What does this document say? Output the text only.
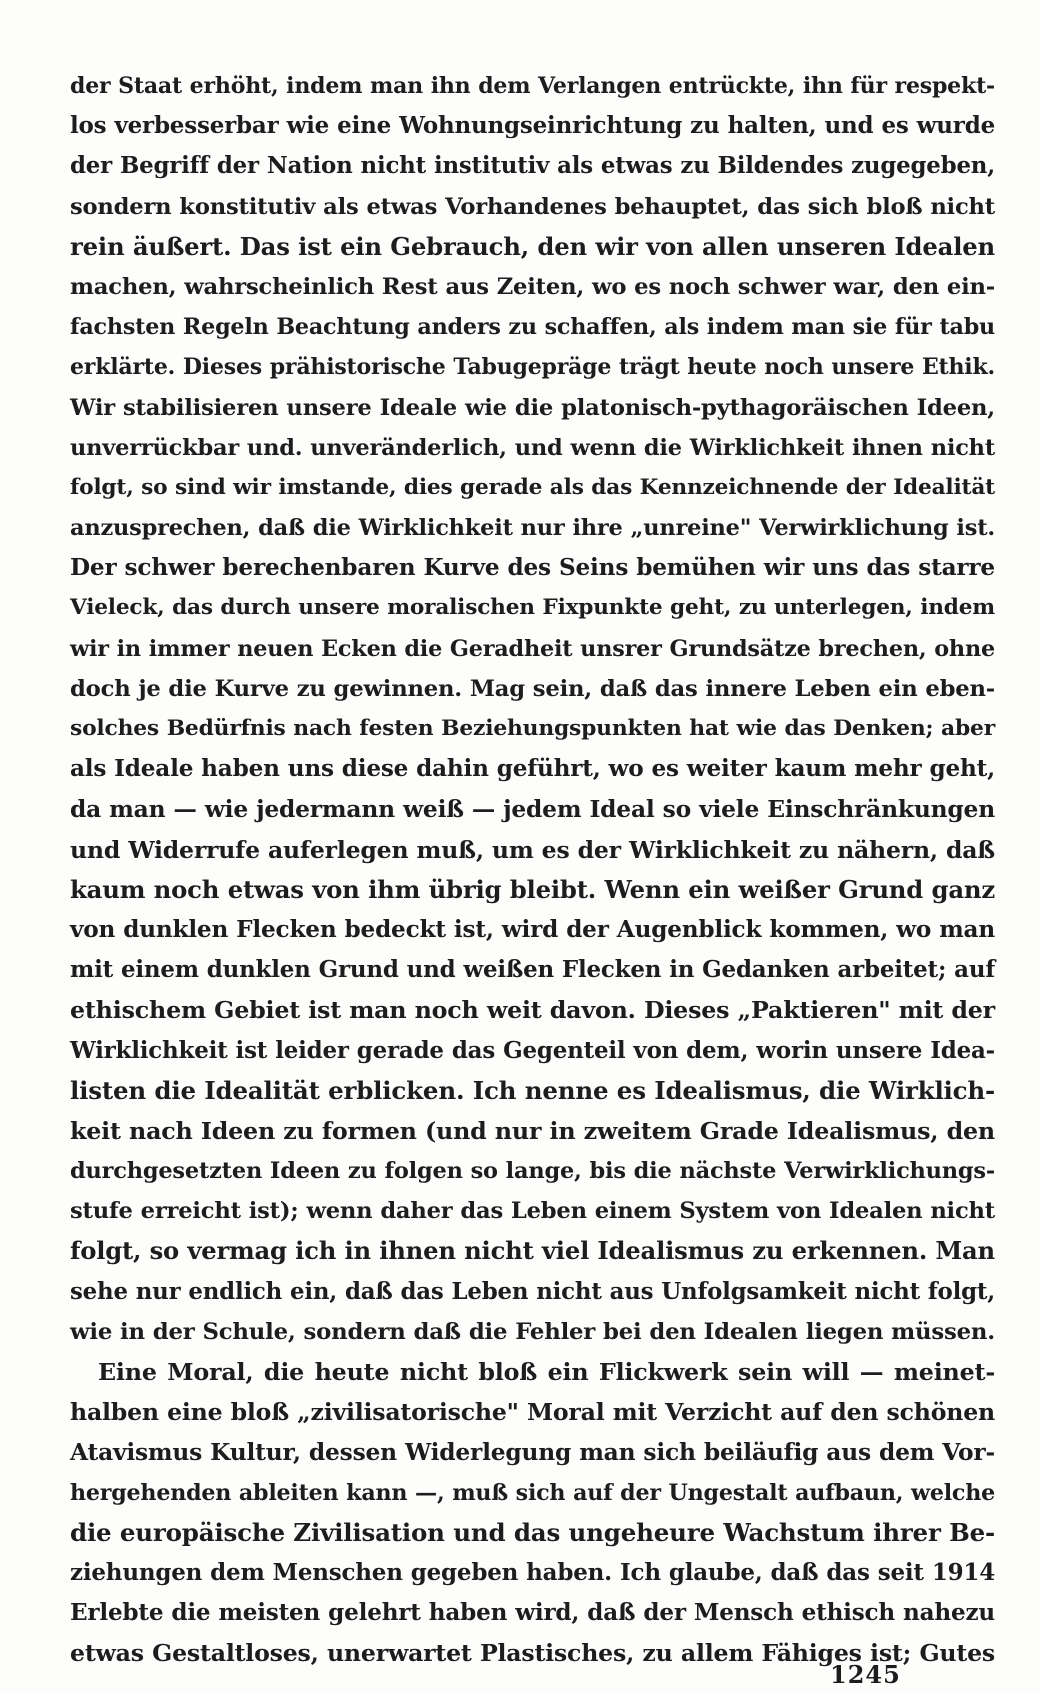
der Staat erhöht, indem man ihn dem Verlangen entrückte, ihn für respekt-
los verbesserbar wie eine Wohnungseinrichtung zu halten, und es wurde
der Begriff der Nation nicht institutiv als etwas zu Bildendes zugegeben,
sondern konstitutiv als etwas Vorhandenes behauptet, das sich bloß nicht
rein äußert. Das ist ein Gebrauch, den wir von allen unseren Idealen
machen, wahrscheinlich Rest aus Zeiten, wo es noch schwer war, den ein-
fachsten Regeln Beachtung anders zu schaffen, als indem man sie für tabu
erklärte. Dieses prähistorische Tabugepräge trägt heute noch unsere Ethik.
Wir stabilisieren unsere Ideale wie die platonisch-pythagoräischen Ideen,
unverrückbar und. unveränderlich, und wenn die Wirklichkeit ihnen nicht
folgt, so sind wir imstande, dies gerade als das Kennzeichnende der Idealität
anzusprechen, daß die Wirklichkeit nur ihre „unreine" Verwirklichung ist.
Der schwer berechenbaren Kurve des Seins bemühen wir uns das starre
Vieleck, das durch unsere moralischen Fixpunkte geht, zu unterlegen, indem
wir in immer neuen Ecken die Geradheit unsrer Grundsätze brechen, ohne
doch je die Kurve zu gewinnen. Mag sein, daß das innere Leben ein eben-
solches Bedürfnis nach festen Beziehungspunkten hat wie das Denken; aber
als Ideale haben uns diese dahin geführt, wo es weiter kaum mehr geht,
da man — wie jedermann weiß — jedem Ideal so viele Einschränkungen
und Widerrufe auferlegen muß, um es der Wirklichkeit zu nähern, daß
kaum noch etwas von ihm übrig bleibt. Wenn ein weißer Grund ganz
von dunklen Flecken bedeckt ist, wird der Augenblick kommen, wo man
mit einem dunklen Grund und weißen Flecken in Gedanken arbeitet; auf
ethischem Gebiet ist man noch weit davon. Dieses „Paktieren" mit der
Wirklichkeit ist leider gerade das Gegenteil von dem, worin unsere Idea-
listen die Idealität erblicken. Ich nenne es Idealismus, die Wirklich-
keit nach Ideen zu formen (und nur in zweitem Grade Idealismus, den
durchgesetzten Ideen zu folgen so lange, bis die nächste Verwirklichungs-
stufe erreicht ist); wenn daher das Leben einem System von Idealen nicht
folgt, so vermag ich in ihnen nicht viel Idealismus zu erkennen. Man
sehe nur endlich ein, daß das Leben nicht aus Unfolgsamkeit nicht folgt,
wie in der Schule, sondern daß die Fehler bei den Idealen liegen müssen.
Eine Moral, die heute nicht bloß ein Flickwerk sein will — meinet-
halben eine bloß „zivilisatorische" Moral mit Verzicht auf den schönen
Atavismus Kultur, dessen Widerlegung man sich beiläufig aus dem Vor-
hergehenden ableiten kann —, muß sich auf der Ungestalt aufbaun, welche
die europäische Zivilisation und das ungeheure Wachstum ihrer Be-
ziehungen dem Menschen gegeben haben. Ich glaube, daß das seit 1914
Erlebte die meisten gelehrt haben wird, daß der Mensch ethisch nahezu
etwas Gestaltloses, unerwartet Plastisches, zu allem Fähiges ist; Gutes
1245
